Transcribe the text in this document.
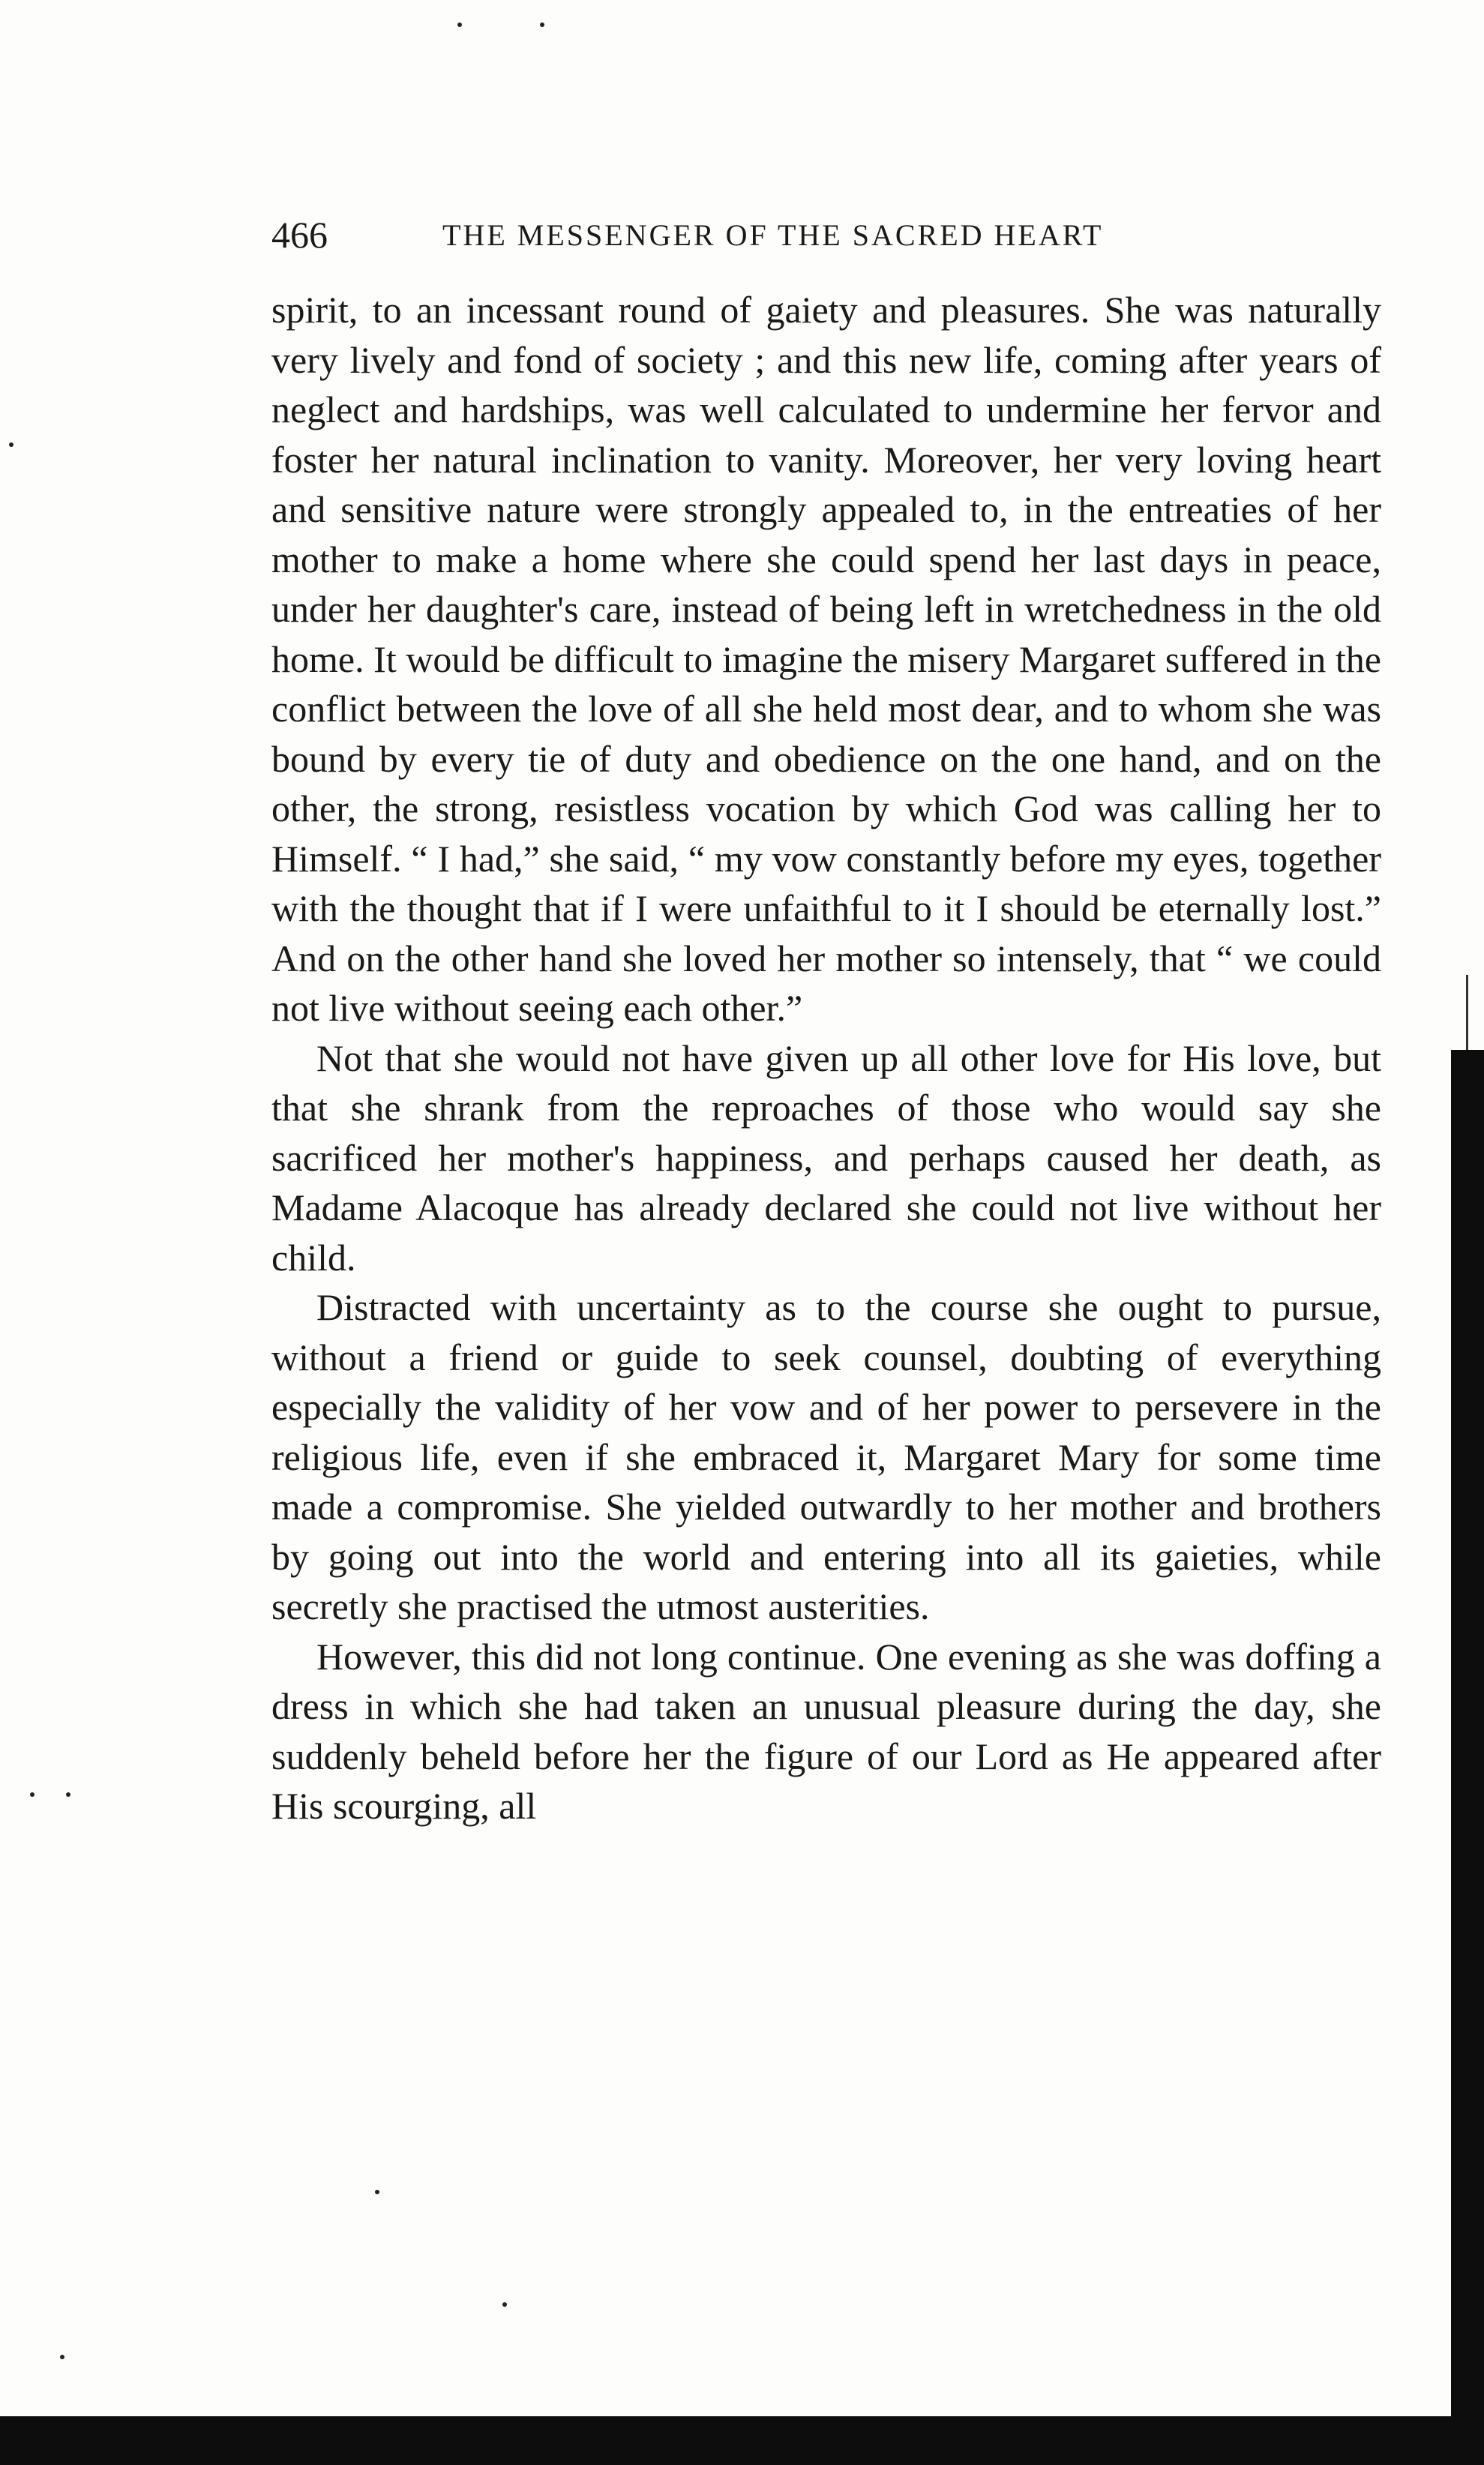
466	THE MESSENGER OF THE SACRED HEART

spirit, to an incessant round of gaiety and pleasures. She was naturally very lively and fond of society ; and this new life, coming after years of neglect and hardships, was well calculated to undermine her fervor and foster her natural inclination to vanity. Moreover, her very loving heart and sensitive nature were strongly appealed to, in the entreaties of her mother to make a home where she could spend her last days in peace, under her daughter's care, instead of being left in wretchedness in the old home. It would be difficult to imagine the misery Margaret suffered in the conflict between the love of all she held most dear, and to whom she was bound by every tie of duty and obedience on the one hand, and on the other, the strong, resistless vocation by which God was calling her to Himself. “ I had,” she said, “ my vow constantly before my eyes, together with the thought that if I were unfaithful to it I should be eternally lost.” And on the other hand she loved her mother so intensely, that “ we could not live without seeing each other.”

Not that she would not have given up all other love for His love, but that she shrank from the reproaches of those who would say she sacrificed her mother's happiness, and perhaps caused her death, as Madame Alacoque has already declared she could not live without her child.

Distracted with uncertainty as to the course she ought to pursue, without a friend or guide to seek counsel, doubting of everything especially the validity of her vow and of her power to persevere in the religious life, even if she embraced it, Margaret Mary for some time made a compromise. She yielded outwardly to her mother and brothers by going out into the world and entering into all its gaieties, while secretly she practised the utmost austerities.

However, this did not long continue. One evening as she was doffing a dress in which she had taken an unusual pleasure during the day, she suddenly beheld before her the figure of our Lord as He appeared after His scourging, all
